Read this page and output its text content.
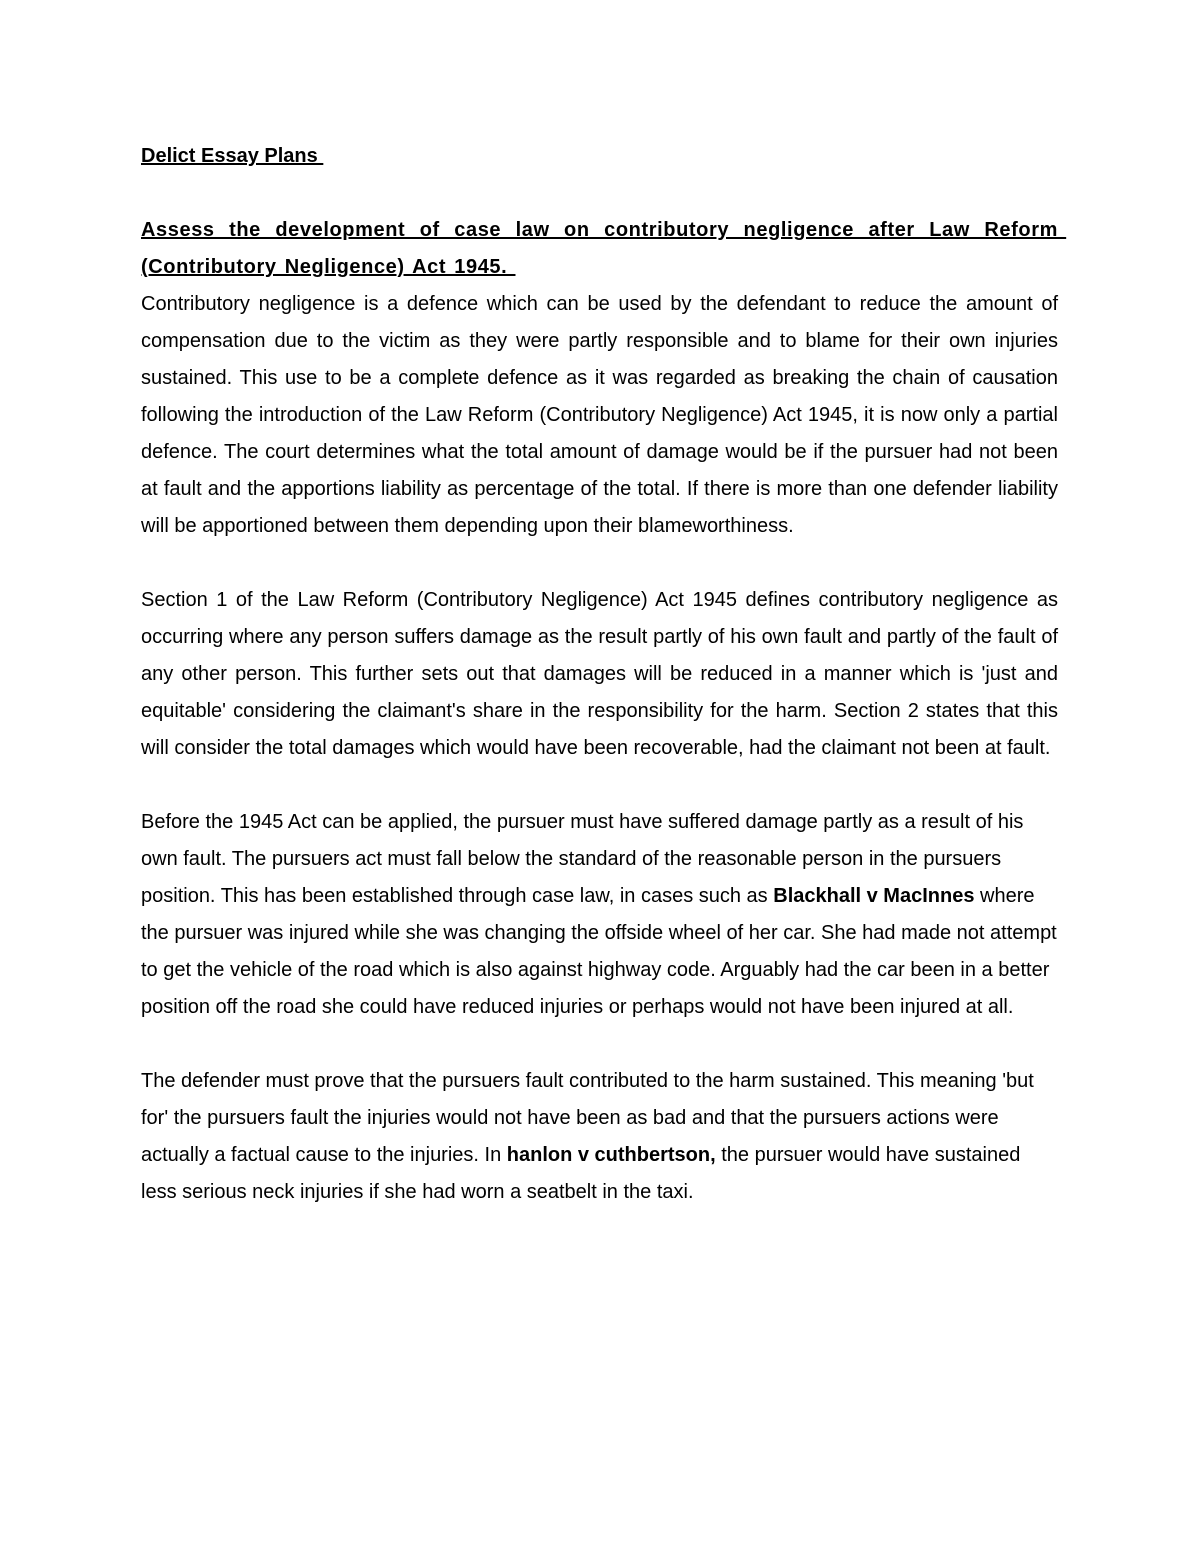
Delict Essay Plans
Assess the development of case law on contributory negligence after Law Reform (Contributory Negligence) Act 1945.

Contributory negligence is a defence which can be used by the defendant to reduce the amount of compensation due to the victim as they were partly responsible and to blame for their own injuries sustained. This use to be a complete defence as it was regarded as breaking the chain of causation following the introduction of the Law Reform (Contributory Negligence) Act 1945, it is now only a partial defence. The court determines what the total amount of damage would be if the pursuer had not been at fault and the apportions liability as percentage of the total. If there is more than one defender liability will be apportioned between them depending upon their blameworthiness.

Section 1 of the Law Reform (Contributory Negligence) Act 1945 defines contributory negligence as occurring where any person suffers damage as the result partly of his own fault and partly of the fault of any other person. This further sets out that damages will be reduced in a manner which is 'just and equitable' considering the claimant's share in the responsibility for the harm. Section 2 states that this will consider the total damages which would have been recoverable, had the claimant not been at fault.

Before the 1945 Act can be applied, the pursuer must have suffered damage partly as a result of his own fault. The pursuers act must fall below the standard of the reasonable person in the pursuers position. This has been established through case law, in cases such as Blackhall v MacInnes where the pursuer was injured while she was changing the offside wheel of her car. She had made not attempt to get the vehicle of the road which is also against highway code. Arguably had the car been in a better position off the road she could have reduced injuries or perhaps would not have been injured at all.

The defender must prove that the pursuers fault contributed to the harm sustained. This meaning 'but for' the pursuers fault the injuries would not have been as bad and that the pursuers actions were actually a factual cause to the injuries. In hanlon v cuthbertson, the pursuer would have sustained less serious neck injuries if she had worn a seatbelt in the taxi.
